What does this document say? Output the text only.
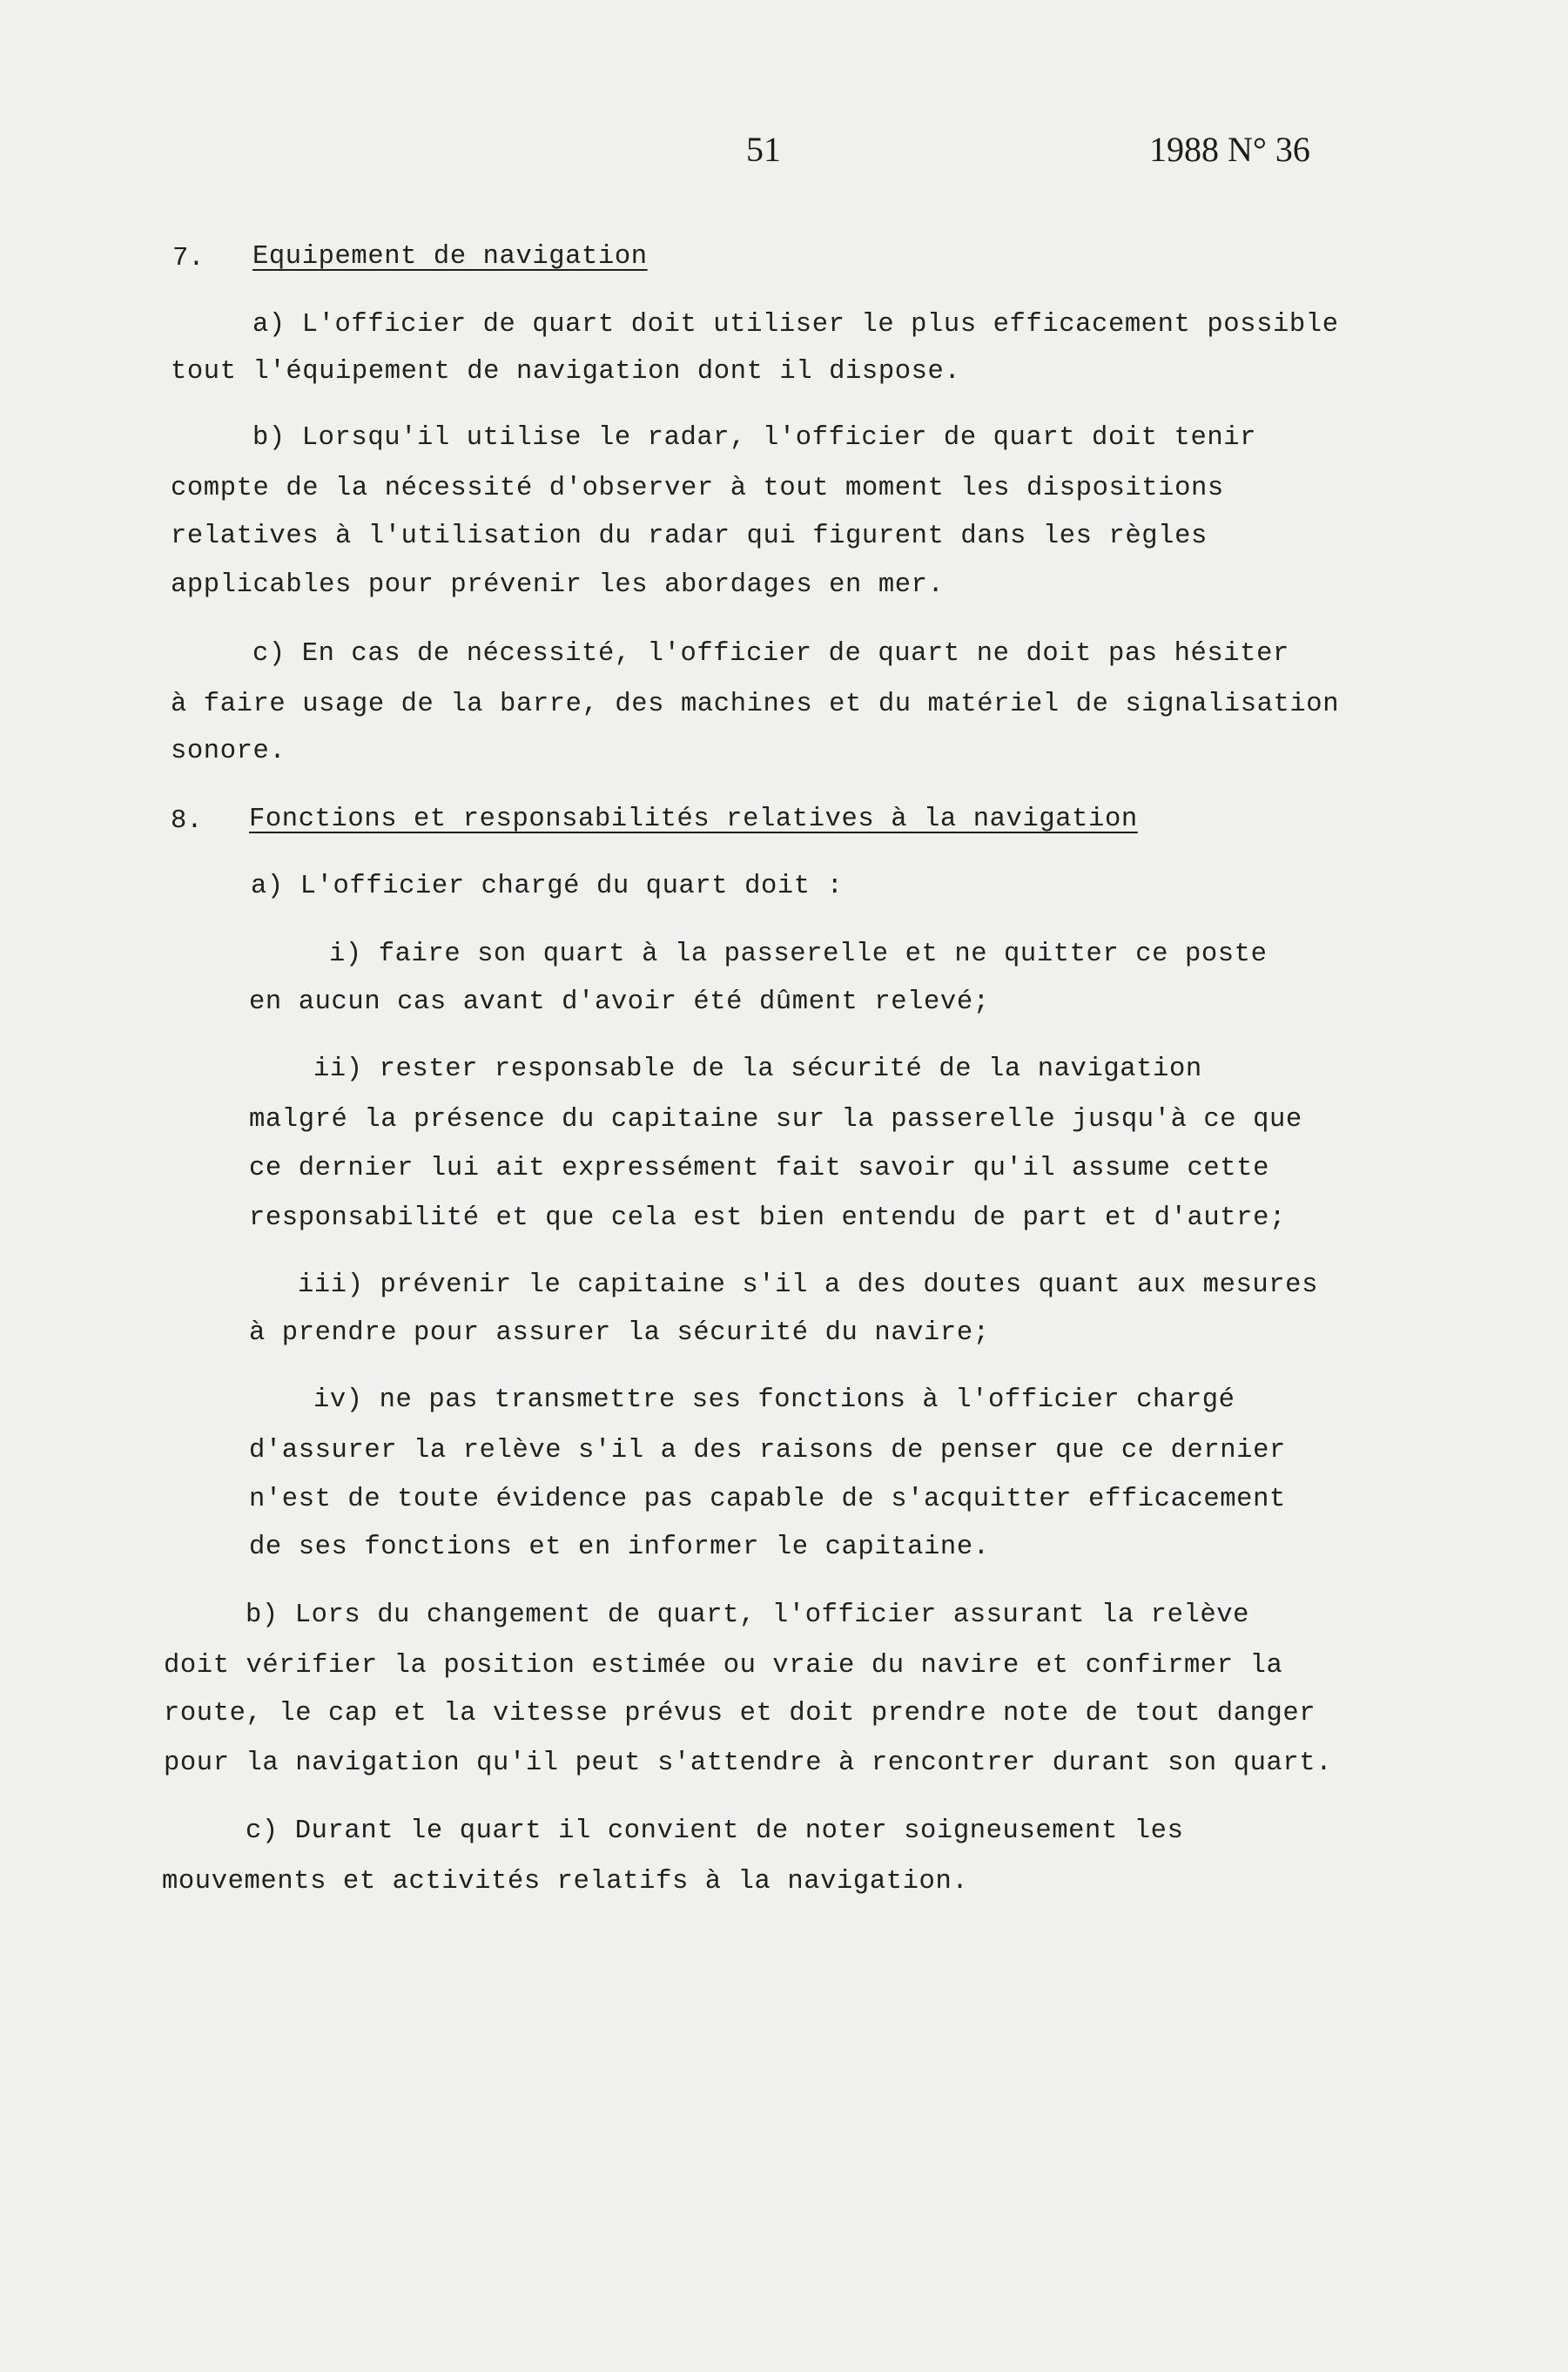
51	1988 N° 36
7. Equipement de navigation
a) L'officier de quart doit utiliser le plus efficacement possible
tout l'équipement de navigation dont il dispose.
b) Lorsqu'il utilise le radar, l'officier de quart doit tenir
compte de la nécessité d'observer à tout moment les dispositions
relatives à l'utilisation du radar qui figurent dans les règles
applicables pour prévenir les abordages en mer.
c) En cas de nécessité, l'officier de quart ne doit pas hésiter
à faire usage de la barre, des machines et du matériel de signalisation
sonore.
8. Fonctions et responsabilités relatives à la navigation
a) L'officier chargé du quart doit :
i) faire son quart à la passerelle et ne quitter ce poste
en aucun cas avant d'avoir été dûment relevé;
ii) rester responsable de la sécurité de la navigation
malgré la présence du capitaine sur la passerelle jusqu'à ce que
ce dernier lui ait expressément fait savoir qu'il assume cette
responsabilité et que cela est bien entendu de part et d'autre;
iii) prévenir le capitaine s'il a des doutes quant aux mesures
à prendre pour assurer la sécurité du navire;
iv) ne pas transmettre ses fonctions à l'officier chargé
d'assurer la relève s'il a des raisons de penser que ce dernier
n'est de toute évidence pas capable de s'acquitter efficacement
de ses fonctions et en informer le capitaine.
b) Lors du changement de quart, l'officier assurant la relève
doit vérifier la position estimée ou vraie du navire et confirmer la
route, le cap et la vitesse prévus et doit prendre note de tout danger
pour la navigation qu'il peut s'attendre à rencontrer durant son quart.
c) Durant le quart il convient de noter soigneusement les
mouvements et activités relatifs à la navigation.
